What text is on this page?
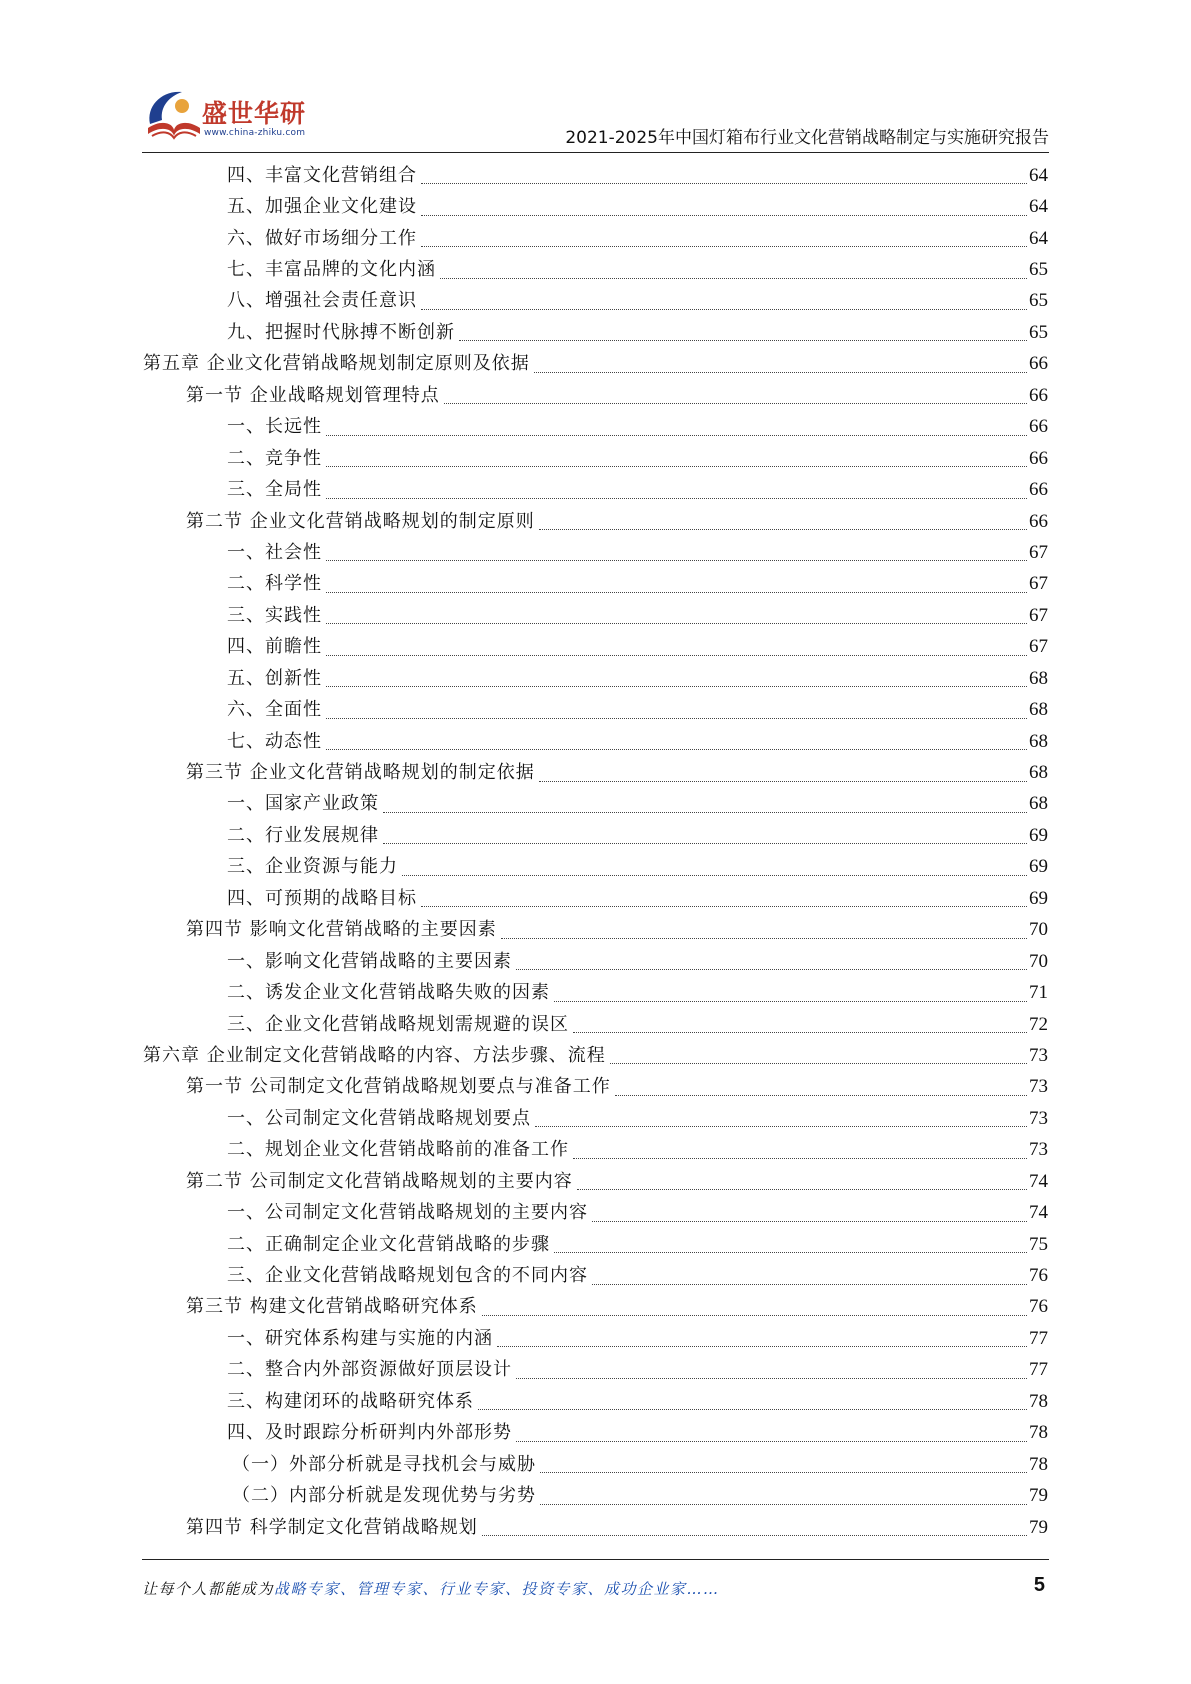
盛世华研
www.china-zhiku.com	2021-2025年中国灯箱布行业文化营销战略制定与实施研究报告
四、丰富文化营销组合	64
五、加强企业文化建设	64
六、做好市场细分工作	64
七、丰富品牌的文化内涵	65
八、增强社会责任意识	65
九、把握时代脉搏不断创新	65
第五章 企业文化营销战略规划制定原则及依据	66
第一节 企业战略规划管理特点	66
一、长远性	66
二、竞争性	66
三、全局性	66
第二节 企业文化营销战略规划的制定原则	66
一、社会性	67
二、科学性	67
三、实践性	67
四、前瞻性	67
五、创新性	68
六、全面性	68
七、动态性	68
第三节 企业文化营销战略规划的制定依据	68
一、国家产业政策	68
二、行业发展规律	69
三、企业资源与能力	69
四、可预期的战略目标	69
第四节 影响文化营销战略的主要因素	70
一、影响文化营销战略的主要因素	70
二、诱发企业文化营销战略失败的因素	71
三、企业文化营销战略规划需规避的误区	72
第六章 企业制定文化营销战略的内容、方法步骤、流程	73
第一节 公司制定文化营销战略规划要点与准备工作	73
一、公司制定文化营销战略规划要点	73
二、规划企业文化营销战略前的准备工作	73
第二节 公司制定文化营销战略规划的主要内容	74
一、公司制定文化营销战略规划的主要内容	74
二、正确制定企业文化营销战略的步骤	75
三、企业文化营销战略规划包含的不同内容	76
第三节 构建文化营销战略研究体系	76
一、研究体系构建与实施的内涵	77
二、整合内外部资源做好顶层设计	77
三、构建闭环的战略研究体系	78
四、及时跟踪分析研判内外部形势	78
（一）外部分析就是寻找机会与威胁	78
（二）内部分析就是发现优势与劣势	79
第四节 科学制定文化营销战略规划	79
让每个人都能成为战略专家、管理专家、行业专家、投资专家、成功企业家……	5
